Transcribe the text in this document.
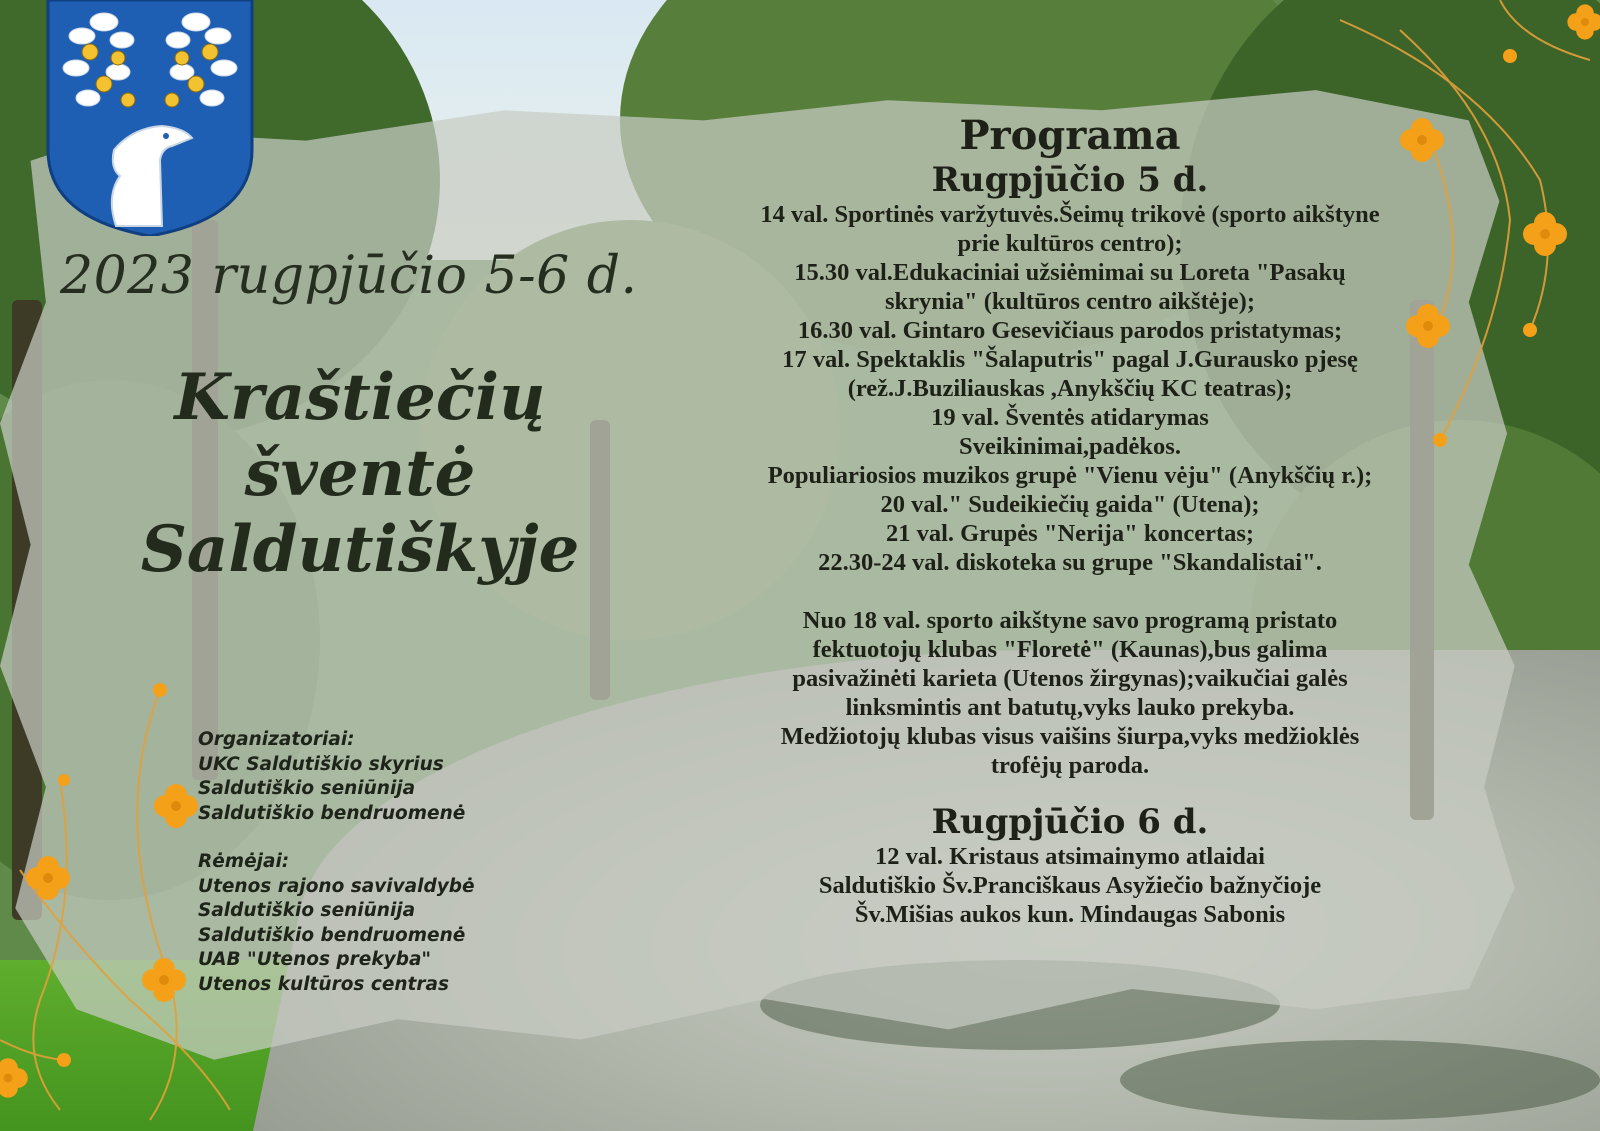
2023 rugpjūčio 5-6 d.
Kraštiečių
šventė
Saldutiškyje
Organizatoriai:
UKC Saldutiškio skyrius
Saldutiškio seniūnija
Saldutiškio bendruomenė
Rėmėjai:
Utenos rajono savivaldybė
Saldutiškio seniūnija
Saldutiškio bendruomenė
UAB "Utenos prekyba"
Utenos kultūros centras
Programa
Rugpjūčio 5 d.
14 val. Sportinės varžytuvės.Šeimų trikovė (sporto aikštyne
prie kultūros centro);
15.30 val.Edukaciniai užsiėmimai su Loreta "Pasakų
skrynia" (kultūros centro aikštėje);
16.30 val. Gintaro Gesevičiaus parodos pristatymas;
17 val. Spektaklis "Šalaputris" pagal J.Gurausko pjesę
(rež.J.Buziliauskas ,Anykščių KC teatras);
19 val. Šventės atidarymas
Sveikinimai,padėkos.
Populiariosios muzikos grupė "Vienu vėju" (Anykščių r.);
20 val." Sudeikiečių gaida" (Utena);
21 val. Grupės "Nerija" koncertas;
22.30-24 val. diskoteka su grupe "Skandalistai".
Nuo 18 val. sporto aikštyne savo programą pristato
fektuotojų klubas "Floretė" (Kaunas),bus galima
pasivažinėti karieta (Utenos žirgynas);vaikučiai galės
linksmintis ant batutų,vyks lauko prekyba.
Medžiotojų klubas visus vaišins šiurpa,vyks medžioklės
trofėjų paroda.
Rugpjūčio 6 d.
12 val. Kristaus atsimainymo atlaidai
Saldutiškio Šv.Pranciškaus Asyžiečio bažnyčioje
Šv.Mišias aukos kun. Mindaugas Sabonis
